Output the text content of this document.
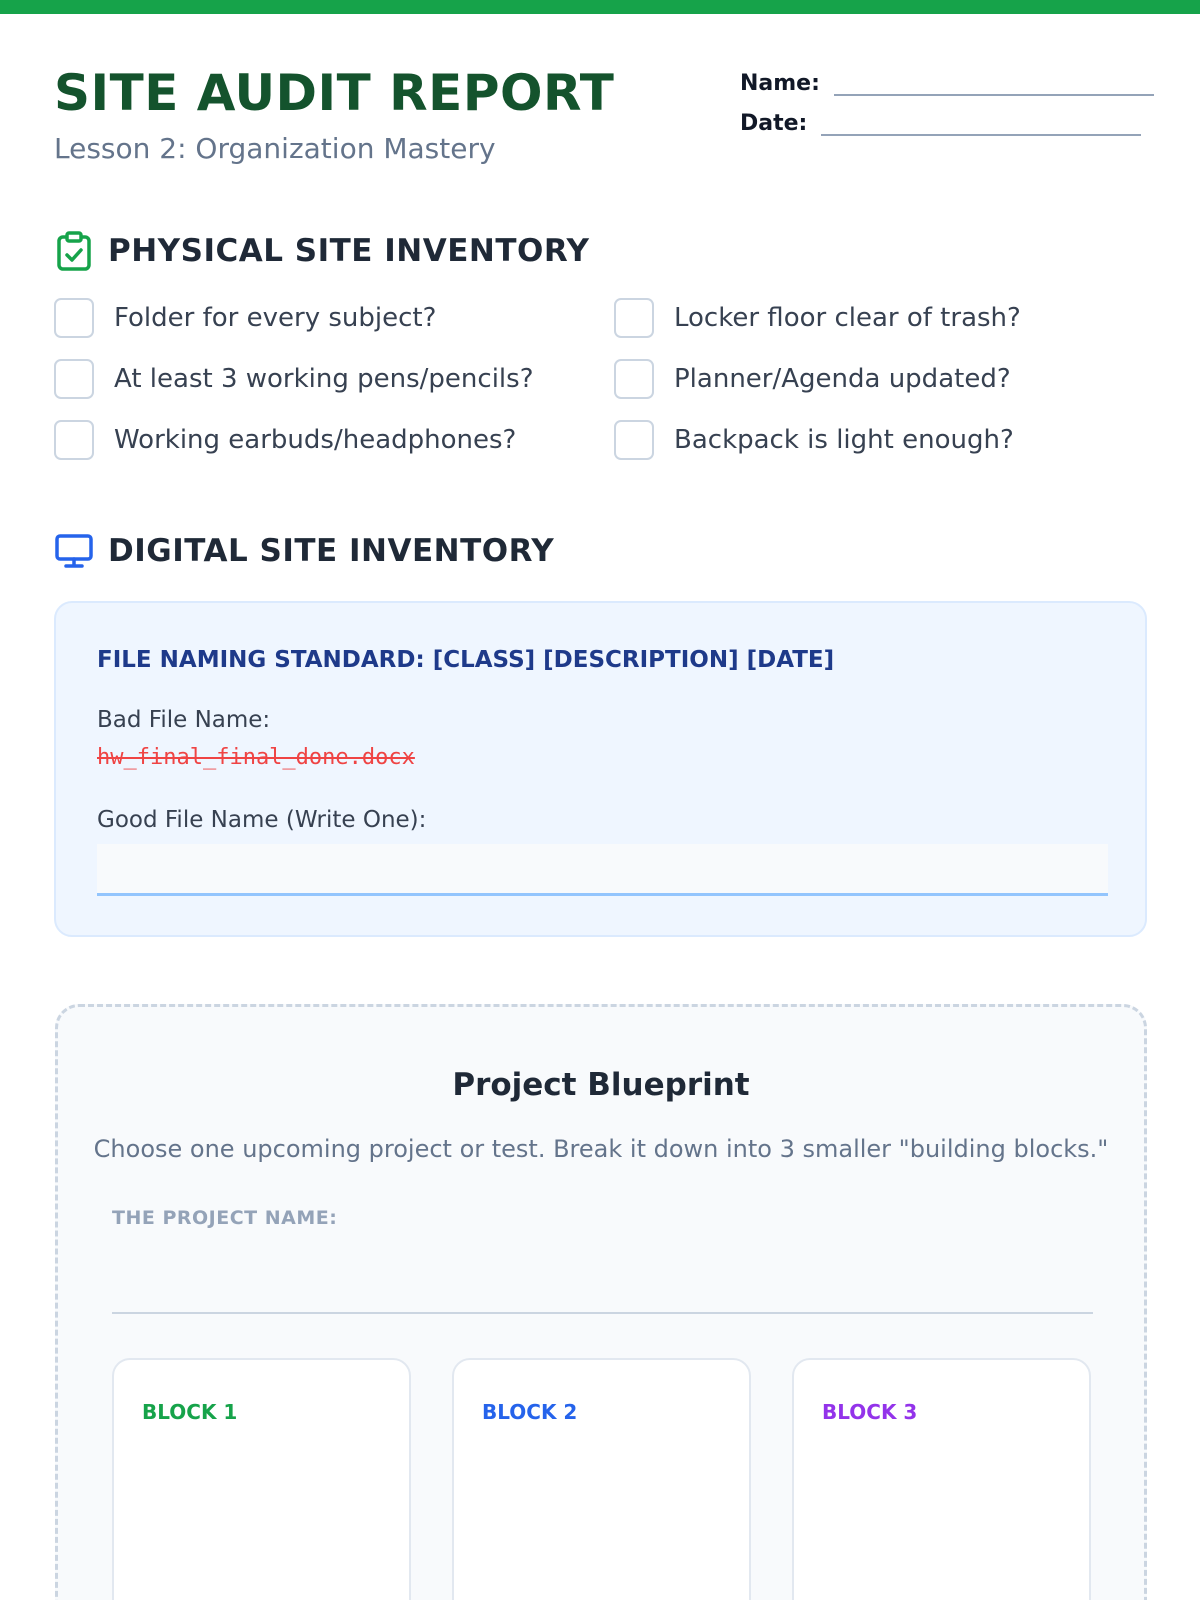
SITE AUDIT REPORT
Lesson 2: Organization Mastery
Name:
Date:
PHYSICAL SITE INVENTORY
Folder for every subject?	Locker floor clear of trash?
At least 3 working pens/pencils?	Planner/Agenda updated?
Working earbuds/headphones?	Backpack is light enough?
DIGITAL SITE INVENTORY
FILE NAMING STANDARD: [CLASS] [DESCRIPTION] [DATE]
Bad File Name:
hw_final_final_done.docx
Good File Name (Write One):
Project Blueprint
Choose one upcoming project or test. Break it down into 3 smaller "building blocks."
THE PROJECT NAME:
BLOCK 1	BLOCK 2	BLOCK 3
